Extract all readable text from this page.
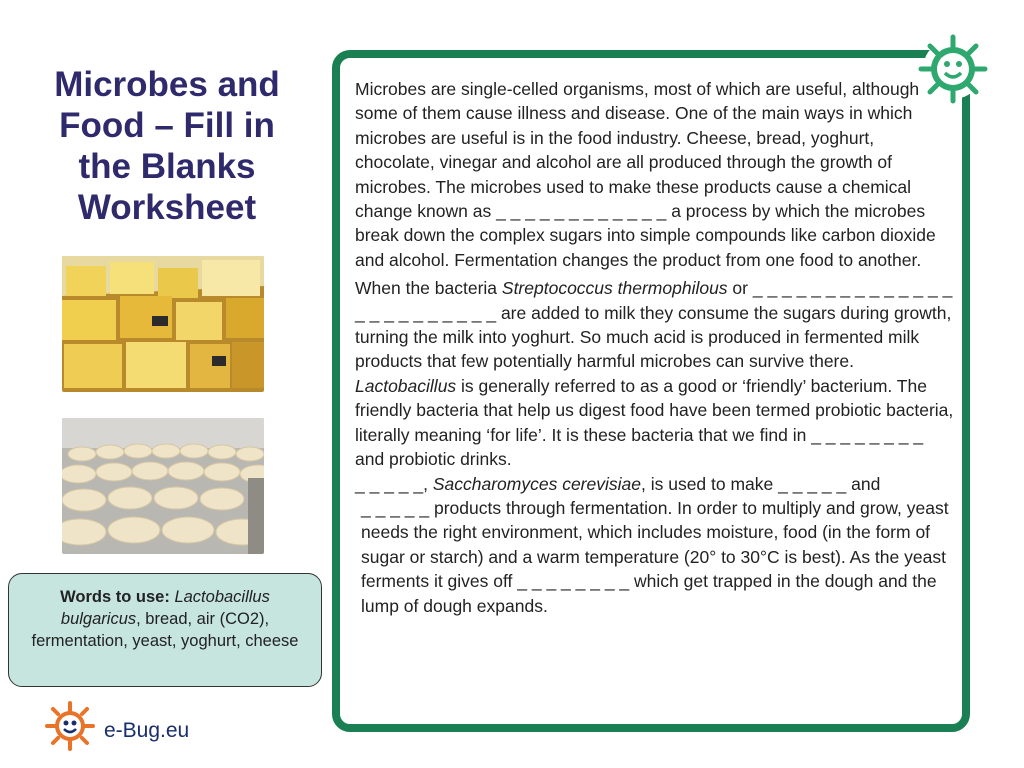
Microbes and Food – Fill in the Blanks Worksheet
Words to use: Lactobacillus bulgaricus, bread, air (CO2), fermentation, yeast, yoghurt, cheese
e-Bug.eu

Microbes are single-celled organisms, most of which are useful, although some of them cause illness and disease. One of the main ways in which microbes are useful is in the food industry. Cheese, bread, yoghurt, chocolate, vinegar and alcohol are all produced through the growth of microbes. The microbes used to make these products cause a chemical change known as _ _ _ _ _ _ _ _ _ _ _ _ a process by which the microbes break down the complex sugars into simple compounds like carbon dioxide and alcohol. Fermentation changes the product from one food to another.

When the bacteria Streptococcus thermophilous or _ _ _ _ _ _ _ _ _ _ _ _ _ _ _ _ _ _ _ _ _ _ _ _ are added to milk they consume the sugars during growth, turning the milk into yoghurt. So much acid is produced in fermented milk products that few potentially harmful microbes can survive there. Lactobacillus is generally referred to as a good or ‘friendly’ bacterium. The friendly bacteria that help us digest food have been termed probiotic bacteria, literally meaning ‘for life’. It is these bacteria that we find in _ _ _ _ _ _ _ _ and probiotic drinks.

_ _ _ _ _, Saccharomyces cerevisiae, is used to make _ _ _ _ _ and

_ _ _ _ _ products through fermentation. In order to multiply and grow, yeast needs the right environment, which includes moisture, food (in the form of sugar or starch) and a warm temperature (20° to 30°C is best). As the yeast ferments it gives off _ _ _ _ _ _ _ _ which get trapped in the dough and the lump of dough expands.
